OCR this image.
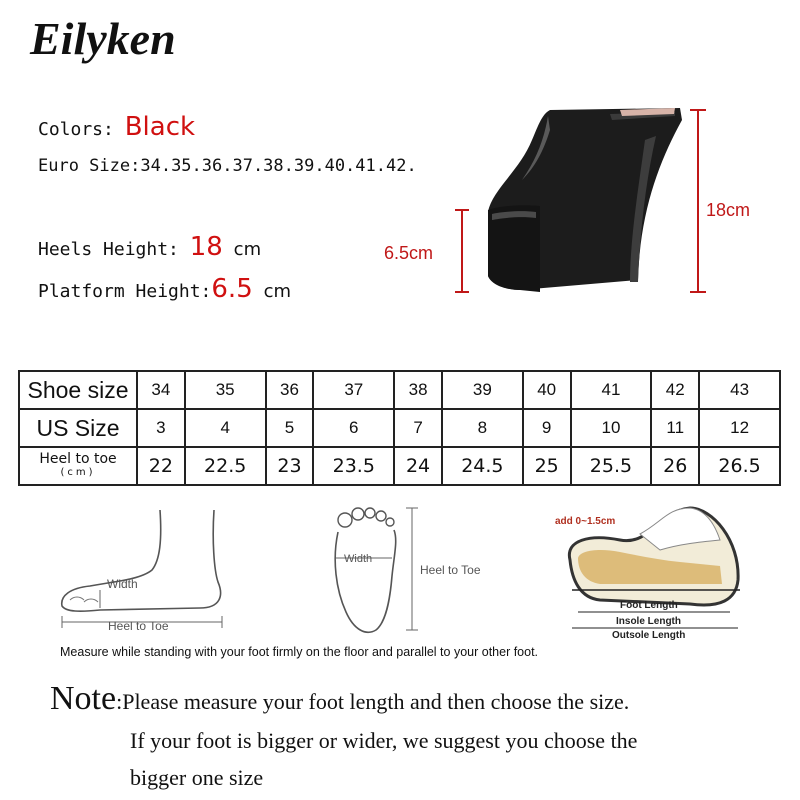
Eilyken
Colors: Black
Euro Size:34.35.36.37.38.39.40.41.42.
Heels Height: 18 cm
Platform Height:6.5 cm
6.5cm
18cm
Shoe size	34	35	36	37	38	39	40	41	42	43
US Size	3	4	5	6	7	8	9	10	11	12
Heel to toe
(cm)	22	22.5	23	23.5	24	24.5	25	25.5	26	26.5
Width
Heel to Toe
Width
Heel to Toe
add 0~1.5cm
Foot Length
Insole Length
Outsole Length
Measure while standing with your foot firmly on the floor and parallel to your other foot.
Note:Please measure your foot length and then choose the size.
If your foot is bigger or wider, we suggest you choose the
bigger one size
